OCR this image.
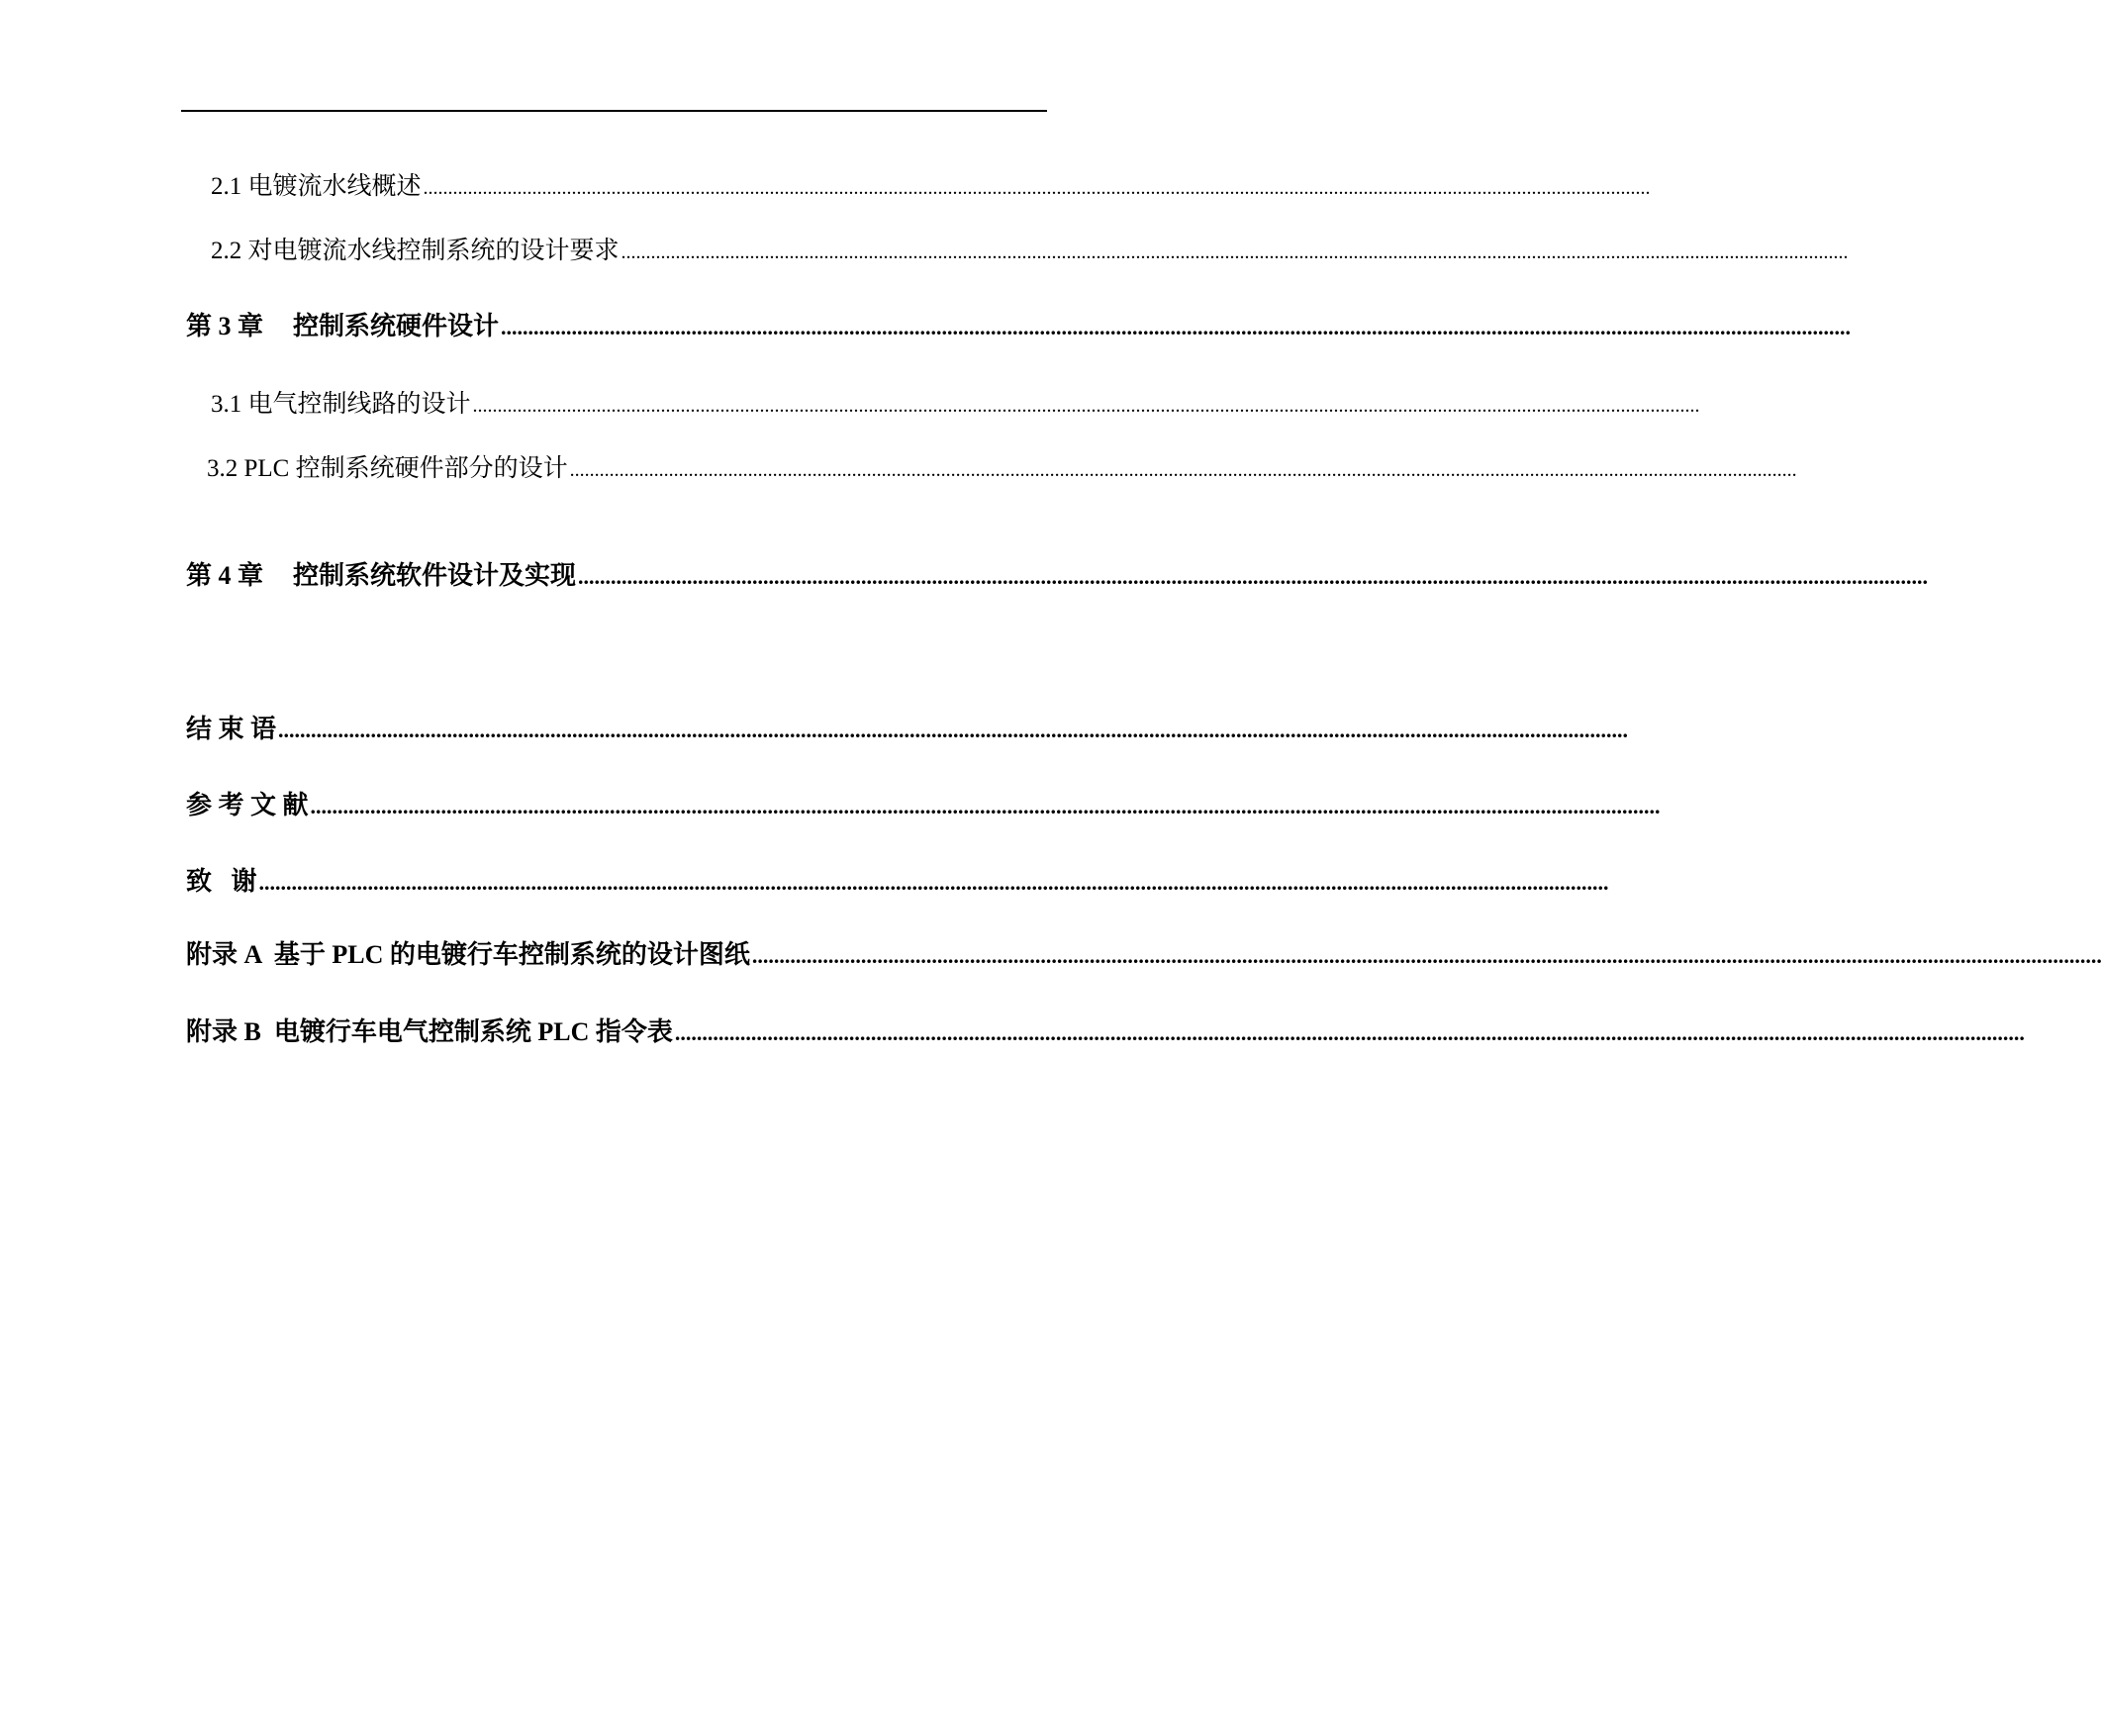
2.1 电镀流水线概述 ........................................................................................................................................................................................................................................................
2.2 对电镀流水线控制系统的设计要求 ........................................................................................................................................................................................................................................................
第 3 章 控制系统硬件设计 ........................................................................................................................................................................................................................................................
3.1 电气控制线路的设计 ........................................................................................................................................................................................................................................................
3.2 PLC 控制系统硬件部分的设计 ........................................................................................................................................................................................................................................................
第 4 章 控制系统软件设计及实现 ........................................................................................................................................................................................................................................................
结 束 语 ........................................................................................................................................................................................................................................................
参 考 文 献 ........................................................................................................................................................................................................................................................
致   谢 ........................................................................................................................................................................................................................................................
附录 A  基于 PLC 的电镀行车控制系统的设计图纸 ........................................................................................................................................................................................................................................................
附录 B  电镀行车电气控制系统 PLC 指令表 ........................................................................................................................................................................................................................................................
